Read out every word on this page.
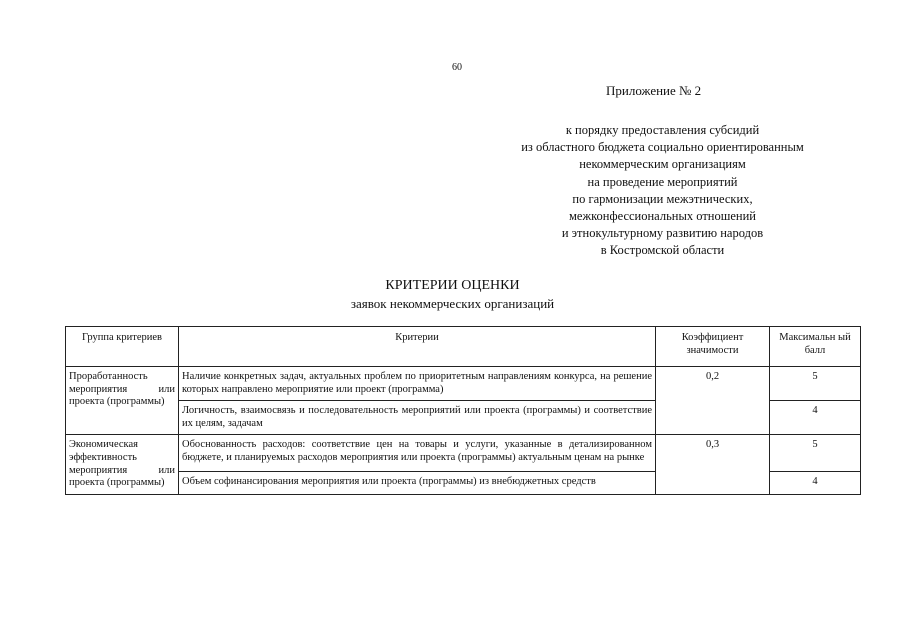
60
Приложение № 2
к порядку предоставления субсидий
из областного бюджета социально ориентированным
некоммерческим организациям
на проведение мероприятий
по гармонизации межэтнических,
межконфессиональных отношений
и этнокультурному развитию народов
в Костромской области
КРИТЕРИИ ОЦЕНКИ
заявок некоммерческих организаций
Группа критериев	Критерии	Коэффициент значимости	Максимальн ый балл
Проработанность мероприятия или проекта (программы)	Наличие конкретных задач, актуальных проблем по приоритетным направлениям конкурса, на решение которых направлено мероприятие или проект (программа)	0,2	5
	Логичность, взаимосвязь и последовательность мероприятий или проекта (программы) и соответствие их целям, задачам		4
Экономическая эффективность мероприятия или проекта (программы)	Обоснованность расходов: соответствие цен на товары и услуги, указанные в детализированном бюджете, и планируемых расходов мероприятия или проекта (программы) актуальным ценам на рынке	0,3	5
	Объем софинансирования мероприятия или проекта (программы) из внебюджетных средств		4
